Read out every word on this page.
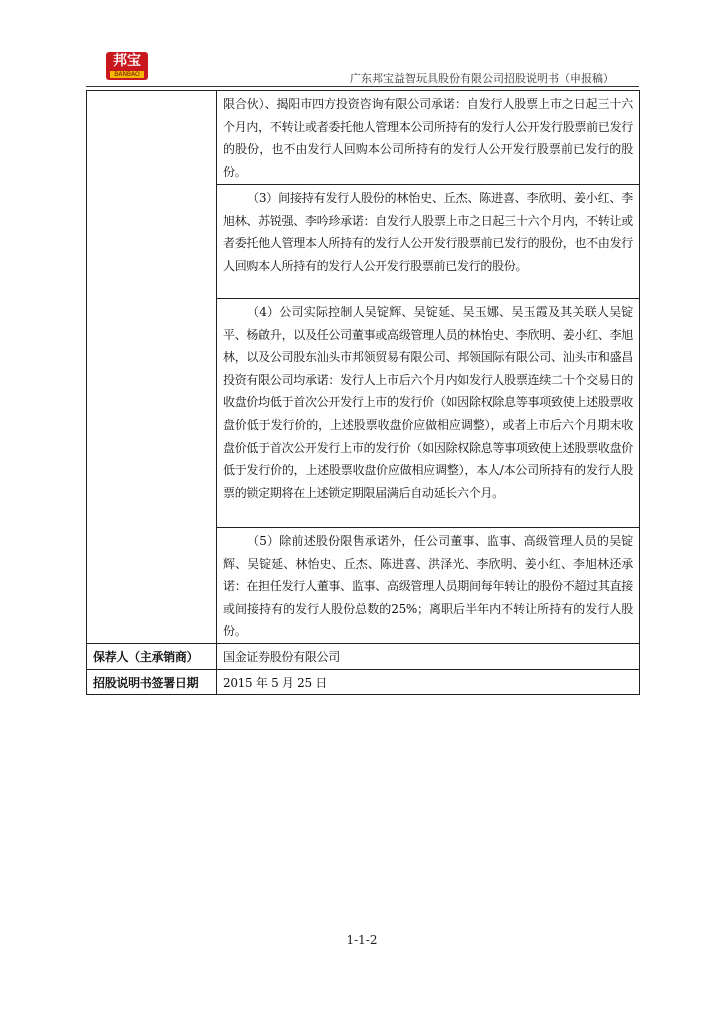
邦宝
BANBAO	广东邦宝益智玩具股份有限公司招股说明书（申报稿）

	限合伙）、揭阳市四方投资咨询有限公司承诺：自发行人股票上市之日起三十六个月内，不转让或者委托他人管理本公司所持有的发行人公开发行股票前已发行的股份，也不由发行人回购本公司所持有的发行人公开发行股票前已发行的股份。

	（3）间接持有发行人股份的林怡史、丘杰、陈进喜、李欣明、姜小红、李旭林、苏锐强、李吟珍承诺：自发行人股票上市之日起三十六个月内，不转让或者委托他人管理本人所持有的发行人公开发行股票前已发行的股份，也不由发行人回购本人所持有的发行人公开发行股票前已发行的股份。

	（4）公司实际控制人吴锭辉、吴锭延、吴玉娜、吴玉霞及其关联人吴锭平、杨啟升，以及任公司董事或高级管理人员的林怡史、李欣明、姜小红、李旭林，以及公司股东汕头市邦领贸易有限公司、邦领国际有限公司、汕头市和盛昌投资有限公司均承诺：发行人上市后六个月内如发行人股票连续二十个交易日的收盘价均低于首次公开发行上市的发行价（如因除权除息等事项致使上述股票收盘价低于发行价的，上述股票收盘价应做相应调整），或者上市后六个月期末收盘价低于首次公开发行上市的发行价（如因除权除息等事项致使上述股票收盘价低于发行价的，上述股票收盘价应做相应调整），本人/本公司所持有的发行人股票的锁定期将在上述锁定期限届满后自动延长六个月。

	（5）除前述股份限售承诺外，任公司董事、监事、高级管理人员的吴锭辉、吴锭延、林怡史、丘杰、陈进喜、洪泽光、李欣明、姜小红、李旭林还承诺：在担任发行人董事、监事、高级管理人员期间每年转让的股份不超过其直接或间接持有的发行人股份总数的25%；离职后半年内不转让所持有的发行人股份。

保荐人（主承销商）	国金证券股份有限公司
招股说明书签署日期	2015 年 5 月 25 日
1-1-2
